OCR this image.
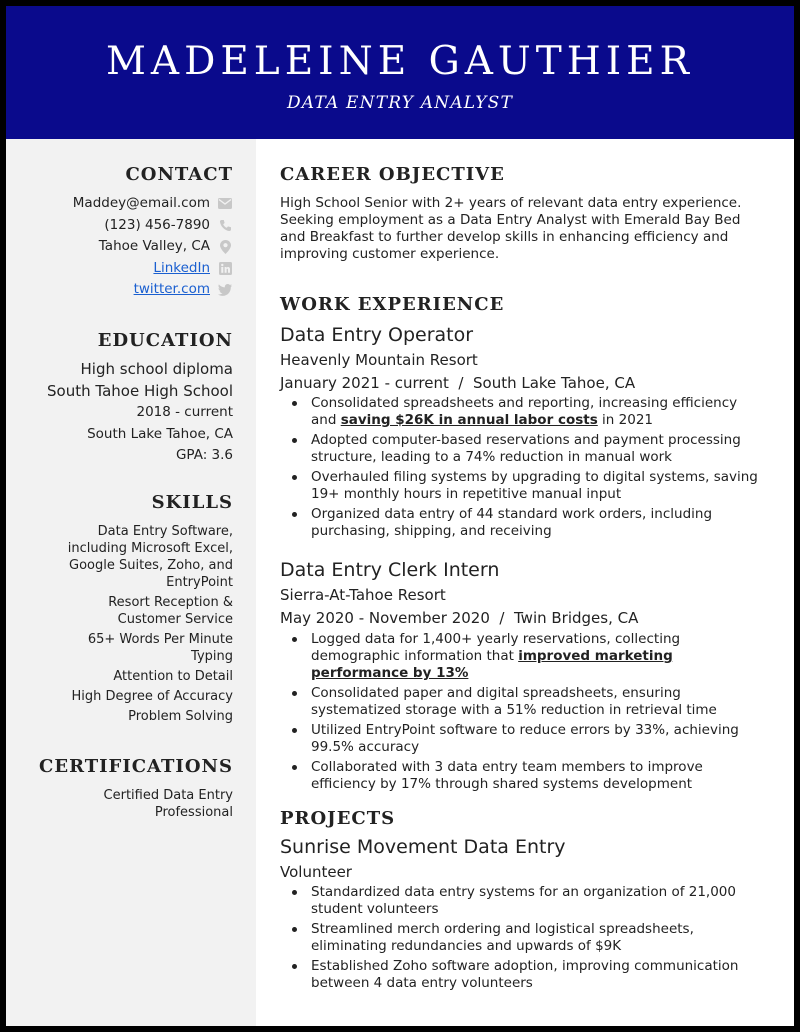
MADELEINE GAUTHIER
DATA ENTRY ANALYST
CONTACT
Maddey@email.com
(123) 456-7890
Tahoe Valley, CA
LinkedIn
twitter.com
EDUCATION
High school diploma
South Tahoe High School
2018 - current
South Lake Tahoe, CA
GPA: 3.6
SKILLS
Data Entry Software, including Microsoft Excel, Google Suites, Zoho, and EntryPoint
Resort Reception & Customer Service
65+ Words Per Minute Typing
Attention to Detail
High Degree of Accuracy
Problem Solving
CERTIFICATIONS
Certified Data Entry Professional
CAREER OBJECTIVE
High School Senior with 2+ years of relevant data entry experience. Seeking employment as a Data Entry Analyst with Emerald Bay Bed and Breakfast to further develop skills in enhancing efficiency and improving customer experience.
WORK EXPERIENCE
Data Entry Operator
Heavenly Mountain Resort
January 2021 - current  /  South Lake Tahoe, CA
Consolidated spreadsheets and reporting, increasing efficiency and saving $26K in annual labor costs in 2021
Adopted computer-based reservations and payment processing structure, leading to a 74% reduction in manual work
Overhauled filing systems by upgrading to digital systems, saving 19+ monthly hours in repetitive manual input
Organized data entry of 44 standard work orders, including purchasing, shipping, and receiving
Data Entry Clerk Intern
Sierra-At-Tahoe Resort
May 2020 - November 2020  /  Twin Bridges, CA
Logged data for 1,400+ yearly reservations, collecting demographic information that improved marketing performance by 13%
Consolidated paper and digital spreadsheets, ensuring systematized storage with a 51% reduction in retrieval time
Utilized EntryPoint software to reduce errors by 33%, achieving 99.5% accuracy
Collaborated with 3 data entry team members to improve efficiency by 17% through shared systems development
PROJECTS
Sunrise Movement Data Entry
Volunteer
Standardized data entry systems for an organization of 21,000 student volunteers
Streamlined merch ordering and logistical spreadsheets, eliminating redundancies and upwards of $9K
Established Zoho software adoption, improving communication between 4 data entry volunteers
